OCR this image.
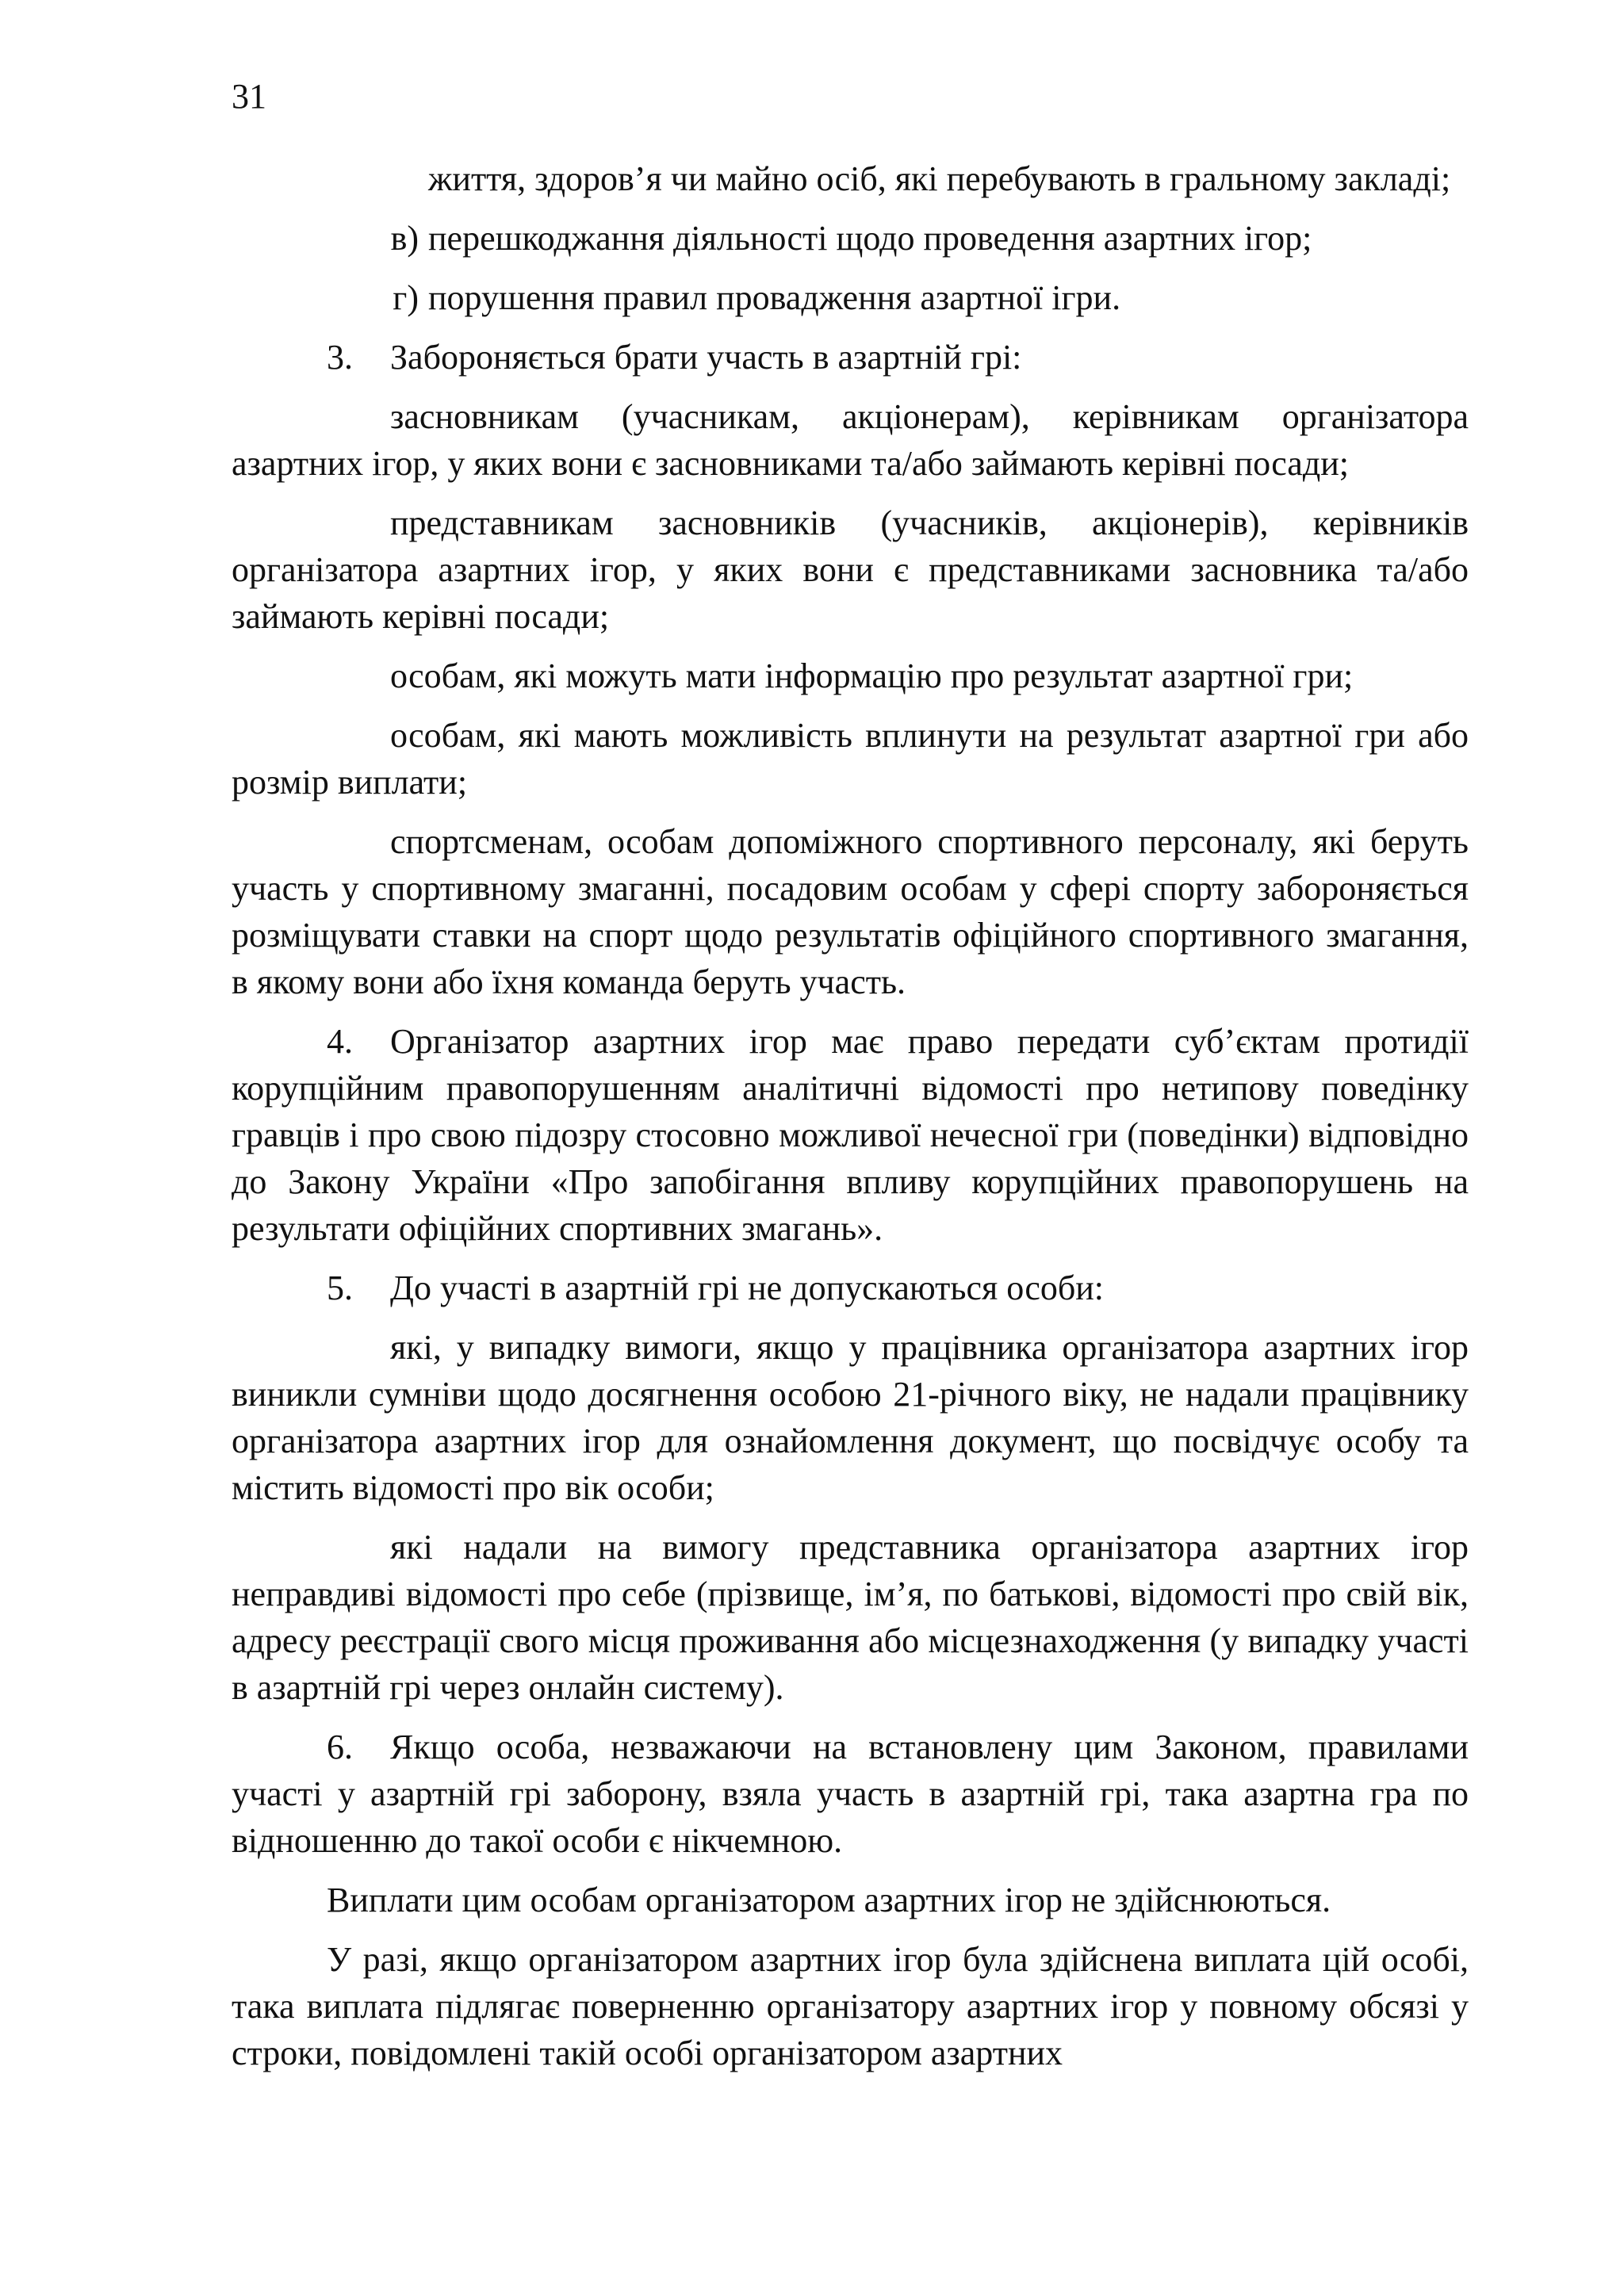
31
життя, здоров’я чи майно осіб, які перебувають в гральному закладі;
в) перешкоджання діяльності щодо проведення азартних ігор;
г) порушення правил провадження азартної ігри.
3. Забороняється брати участь в азартній грі:
засновникам (учасникам, акціонерам), керівникам організатора азартних ігор, у яких вони є засновниками та/або займають керівні посади;
представникам засновників (учасників, акціонерів), керівників організатора азартних ігор, у яких вони є представниками засновника та/або займають керівні посади;
особам, які можуть мати інформацію про результат азартної гри;
особам, які мають можливість вплинути на результат азартної гри або розмір виплати;
спортсменам, особам допоміжного спортивного персоналу, які беруть участь у спортивному змаганні, посадовим особам у сфері спорту забороняється розміщувати ставки на спорт щодо результатів офіційного спортивного змагання, в якому вони або їхня команда беруть участь.
4. Організатор азартних ігор має право передати суб’єктам протидії корупційним правопорушенням аналітичні відомості про нетипову поведінку гравців і про свою підозру стосовно можливої нечесної гри (поведінки) відповідно до Закону України «Про запобігання впливу корупційних правопорушень на результати офіційних спортивних змагань».
5. До участі в азартній грі не допускаються особи:
які, у випадку вимоги, якщо у працівника організатора азартних ігор виникли сумніви щодо досягнення особою 21-річного віку, не надали працівнику організатора азартних ігор для ознайомлення документ, що посвідчує особу та містить відомості про вік особи;
які надали на вимогу представника організатора азартних ігор неправдиві відомості про себе (прізвище, ім’я, по батькові, відомості про свій вік, адресу реєстрації свого місця проживання або місцезнаходження (у випадку участі в азартній грі через онлайн систему).
6. Якщо особа, незважаючи на встановлену цим Законом, правилами участі у азартній грі заборону, взяла участь в азартній грі, така азартна гра по відношенню до такої особи є нікчемною.
Виплати цим особам організатором азартних ігор не здійснюються.
У разі, якщо організатором азартних ігор була здійснена виплата цій особі, така виплата підлягає поверненню організатору азартних ігор у повному обсязі у строки, повідомлені такій особі організатором азартних
